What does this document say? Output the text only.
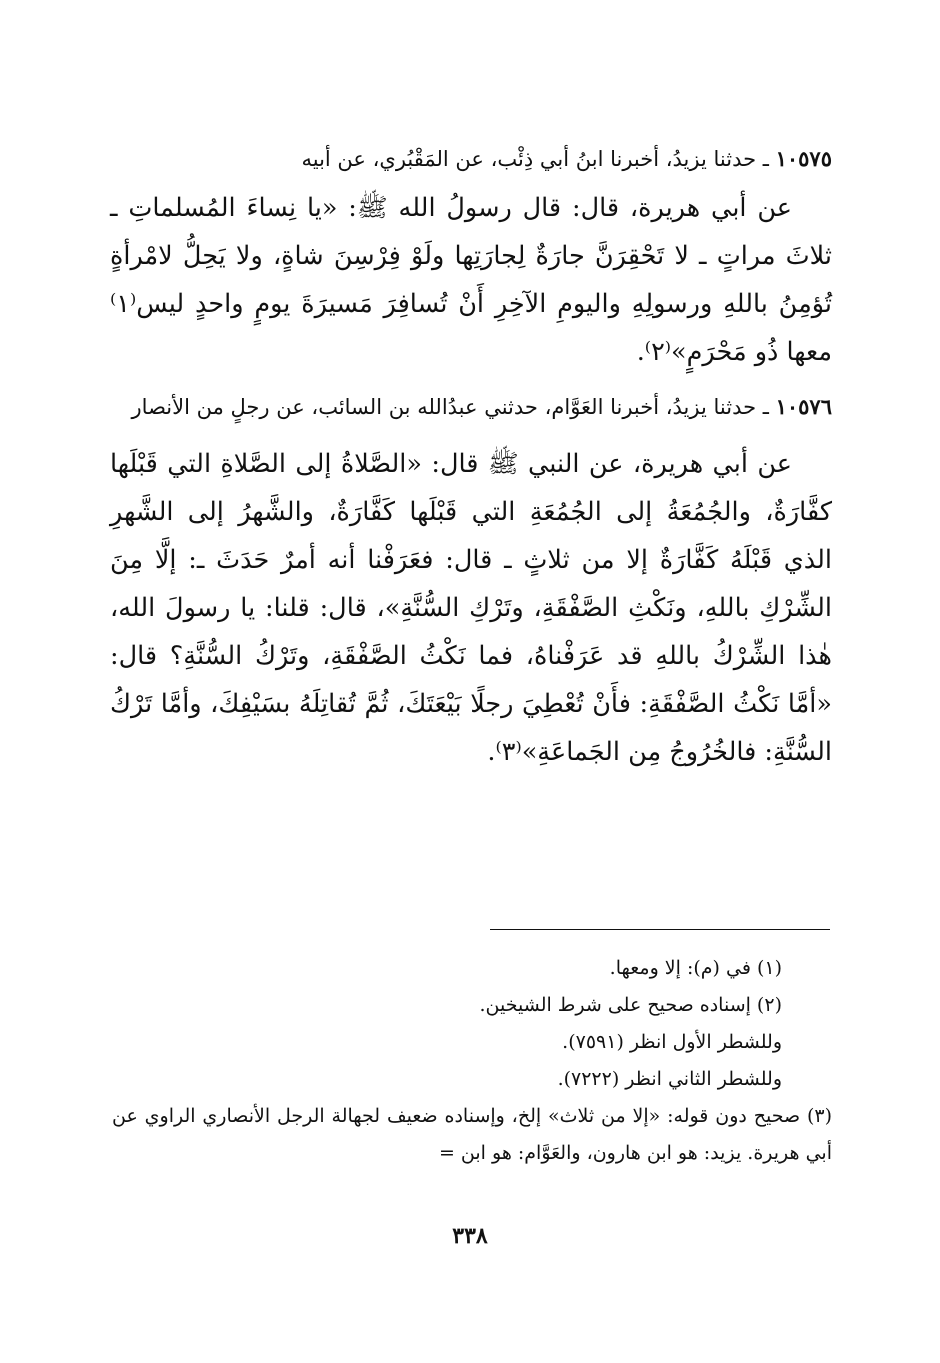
١٠٥٧٥ ـ حدثنا يزيدُ، أخبرنا ابنُ أبي ذِئْب، عن المَقْبُري، عن أبيه

عن أبي هريرة، قال: قال رسولُ الله ﷺ: «يا نِساءَ المُسلماتِ ـ ثلاثَ مراتٍ ـ لا تَحْقِرَنَّ جارَةٌ لِجارَتِها ولَوْ فِرْسِنَ شاةٍ، ولا يَحِلُّ لامْرأةٍ تُؤمِنُ باللهِ ورسولِهِ واليومِ الآخِرِ أَنْ تُسافِرَ مَسيرَةَ يومٍ واحدٍ ليس⁽١⁾ معها ذُو مَحْرَمٍ»⁽٢⁾.

١٠٥٧٦ ـ حدثنا يزيدُ، أخبرنا العَوَّام، حدثني عبدُالله بن السائب، عن رجلٍ من الأنصار

عن أبي هريرة، عن النبي ﷺ قال: «الصَّلاةُ إلى الصَّلاةِ التي قَبْلَها كفَّارَةٌ، والجُمُعَةُ إلى الجُمُعَةِ التي قَبْلَها كَفَّارَةٌ، والشَّهرُ إلى الشَّهرِ الذي قَبْلَهُ كَفَّارَةٌ إلا من ثلاثٍ ـ قال: فعَرَفْنا أنه أمرٌ حَدَثَ ـ: إلَّا مِنَ الشِّرْكِ باللهِ، ونَكْثِ الصَّفْقَةِ، وتَرْكِ السُّنَّةِ»، قال: قلنا: يا رسولَ الله، هٰذا الشِّرْكُ باللهِ قد عَرَفْناهُ، فما نَكْثُ الصَّفْقَةِ، وتَرْكُ السُّنَّةِ؟ قال: «أمَّا نَكْثُ الصَّفْقَةِ: فأَنْ تُعْطِيَ رجلًا بَيْعَتَكَ، ثُمَّ تُقاتِلَهُ بسَيْفِكَ، وأمَّا تَرْكُ السُّنَّةِ: فالخُرُوجُ مِن الجَماعَةِ»⁽٣⁾.

(١) في (م): إلا ومعها.

(٢) إسناده صحيح على شرط الشيخين.

وللشطر الأول انظر (٧٥٩١).

وللشطر الثاني انظر (٧٢٢٢).

(٣) صحيح دون قوله: «إلا من ثلاث» إلخ، وإسناده ضعيف لجهالة الرجل الأنصاري الراوي عن أبي هريرة. يزيد: هو ابن هارون، والعَوَّام: هو ابن =

٣٣٨
